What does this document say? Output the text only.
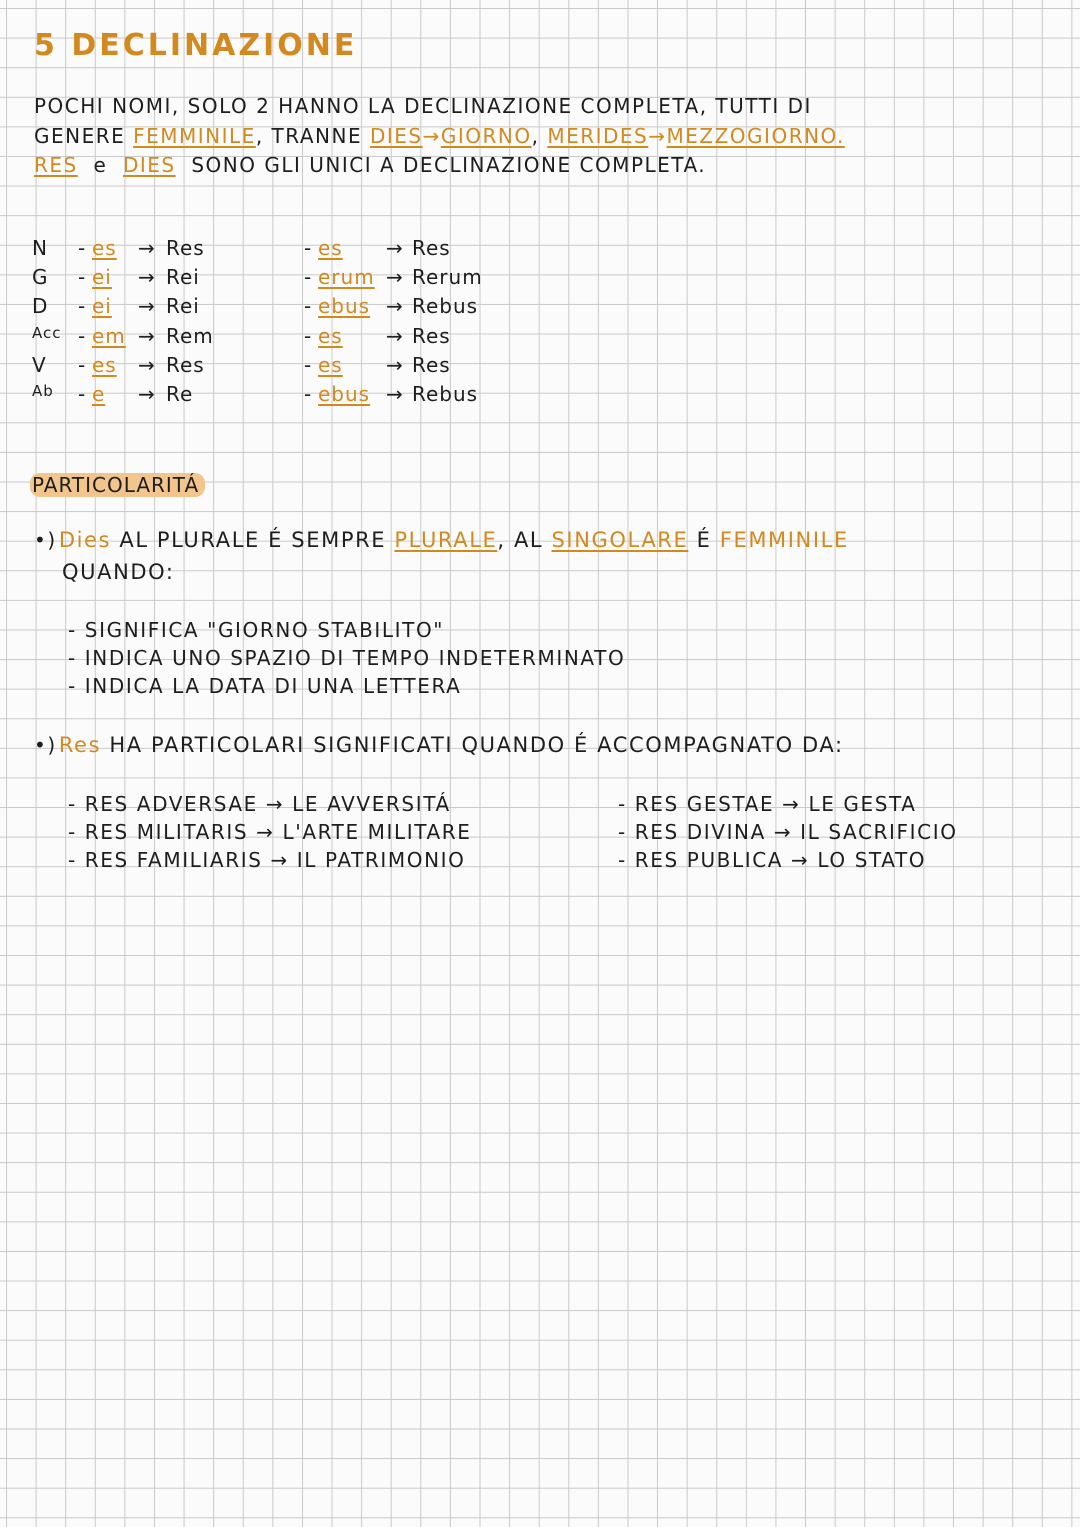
5 DECLINAZIONE
POCHI NOMI, SOLO 2 HANNO LA DECLINAZIONE COMPLETA, TUTTI DI
GENERE FEMMINILE, TRANNE DIES→GIORNO, MERIDES→MEZZOGIORNO.
RES e DIES SONO GLI UNICI A DECLINAZIONE COMPLETA.
N - es → Res	- es → Res
G - ei → Rei	- erum → Rerum
D - ei → Rei	- ebus → Rebus
Acc - em → Rem	- es → Res
V - es → Res	- es → Res
Ab - e → Re	- ebus → Rebus
PARTICOLARITÁ
•)Dies AL PLURALE É SEMPRE PLURALE, AL SINGOLARE É FEMMINILE
QUANDO:
- SIGNIFICA "GIORNO STABILITO"
- INDICA UNO SPAZIO DI TEMPO INDETERMINATO
- INDICA LA DATA DI UNA LETTERA
•)Res HA PARTICOLARI SIGNIFICATI QUANDO É ACCOMPAGNATO DA:
- RES ADVERSAE → LE AVVERSITÁ
- RES MILITARIS → L'ARTE MILITARE
- RES FAMILIARIS → IL PATRIMONIO
- RES GESTAE → LE GESTA
- RES DIVINA → IL SACRIFICIO
- RES PUBLICA → LO STATO
